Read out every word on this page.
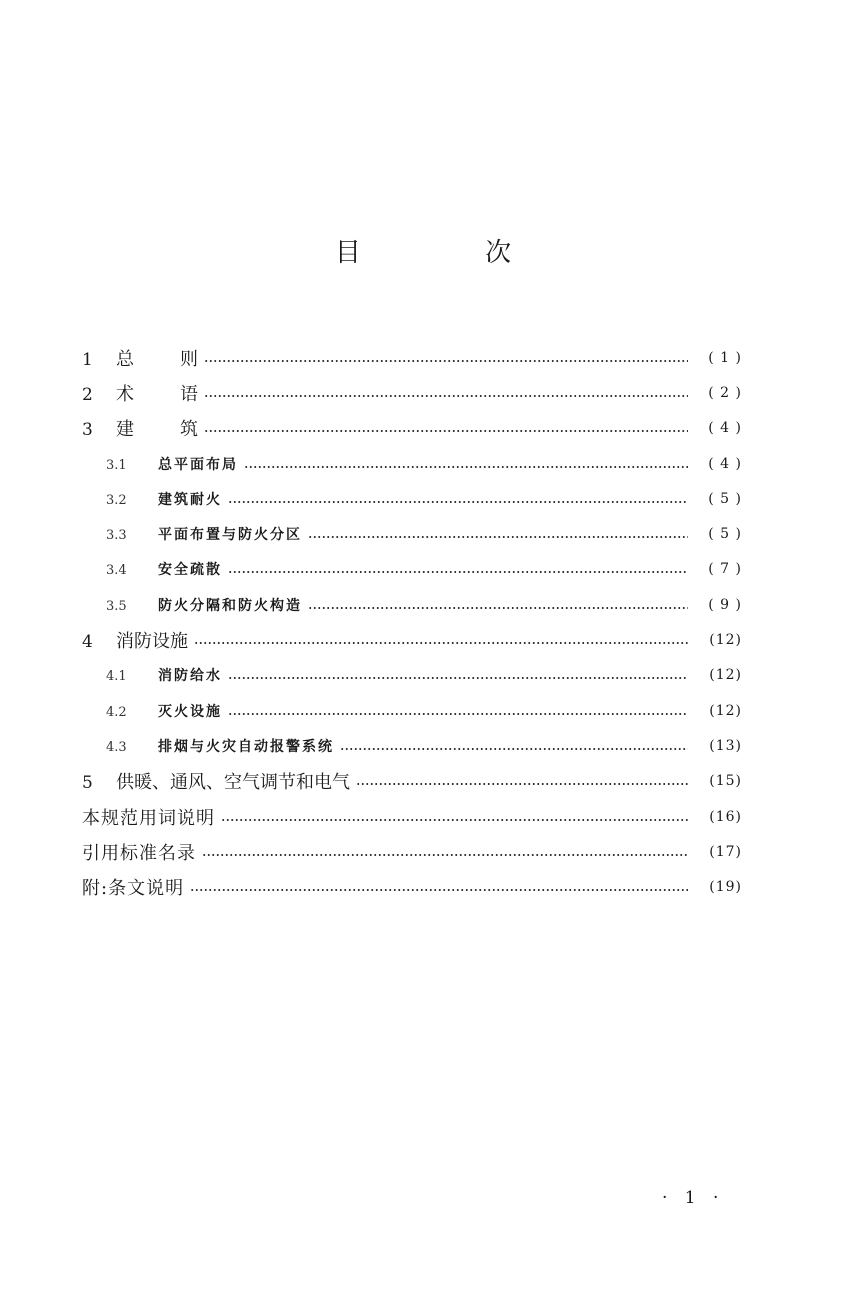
目 次
1	总 则	( 1 )
2	术 语	( 2 )
3	建 筑	( 4 )
3.1	总平面布局	( 4 )
3.2	建筑耐火	( 5 )
3.3	平面布置与防火分区	( 5 )
3.4	安全疏散	( 7 )
3.5	防火分隔和防火构造	( 9 )
4	消防设施	(12)
4.1	消防给水	(12)
4.2	灭火设施	(12)
4.3	排烟与火灾自动报警系统	(13)
5	供暖、通风、空气调节和电气	(15)
本规范用词说明	(16)
引用标准名录	(17)
附:条文说明	(19)
· 1 ·
